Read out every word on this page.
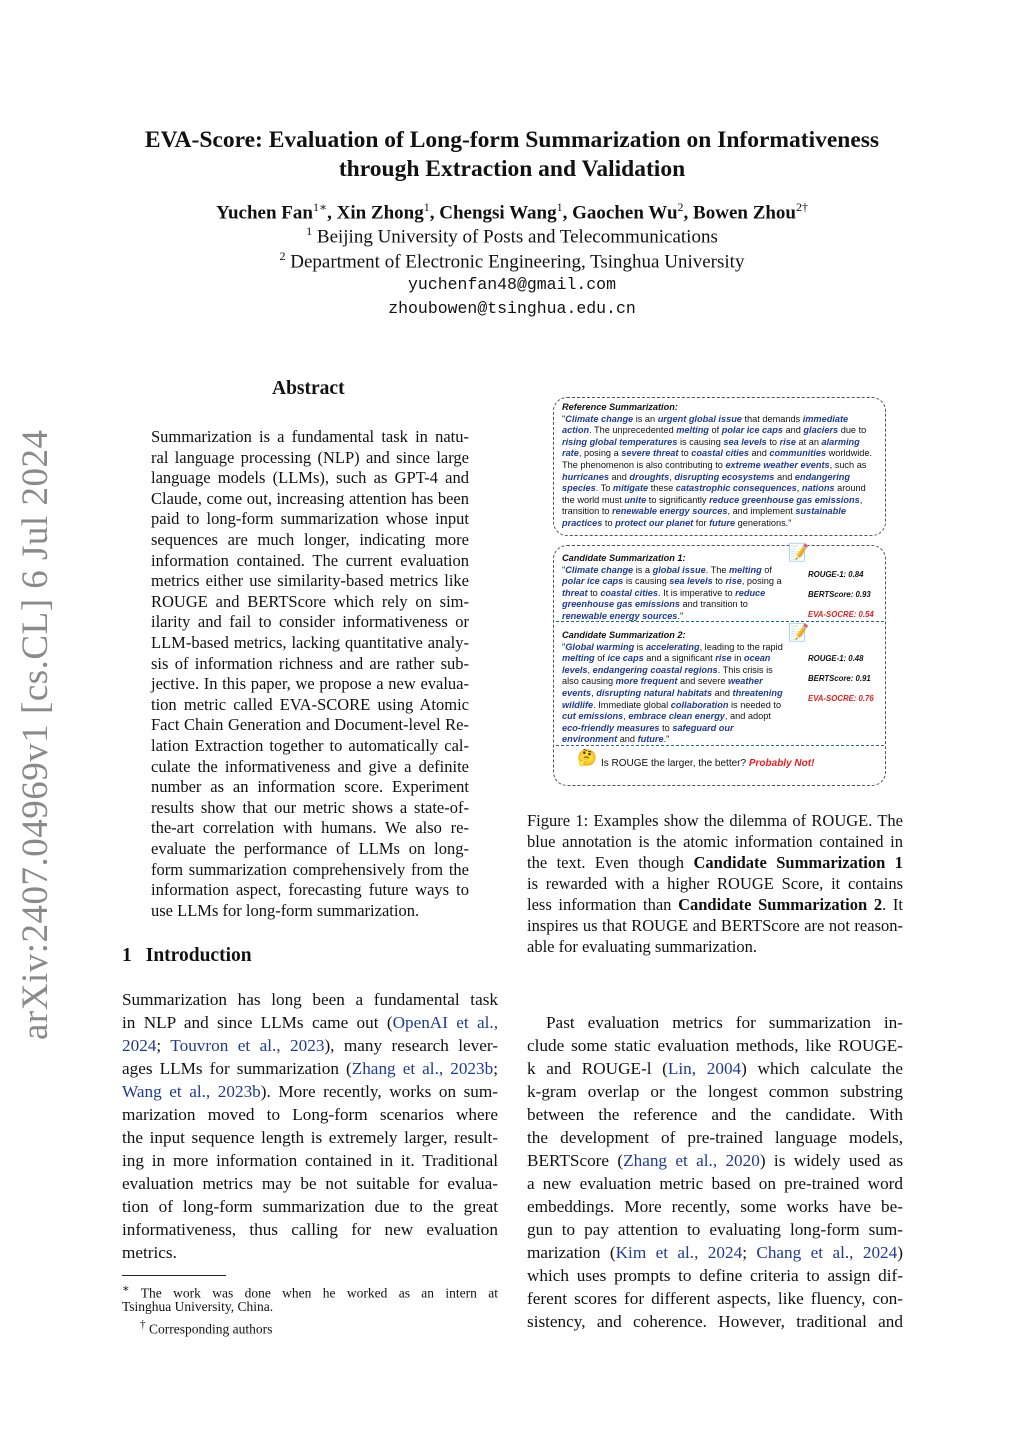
arXiv:2407.04969v1 [cs.CL] 6 Jul 2024
EVA-Score: Evaluation of Long-form Summarization on Informativeness
through Extraction and Validation
Yuchen Fan$^{1∗}$, Xin Zhong$^1$, Chengsi Wang$^1$, Gaochen Wu$^2$, Bowen Zhou$^{2\dagger}$
$^1$ Beijing University of Posts and Telecommunications
$^2$ Department of Electronic Engineering, Tsinghua University
yuchenfan48@gmail.com
zhoubowen@tsinghua.edu.cn
Abstract
Summarization is a fundamental task in natu-
ral language processing (NLP) and since large
language models (LLMs), such as GPT-4 and
Claude, come out, increasing attention has been
paid to long-form summarization whose input
sequences are much longer, indicating more
information contained. The current evaluation
metrics either use similarity-based metrics like
ROUGE and BERTScore which rely on sim-
ilarity and fail to consider informativeness or
LLM-based metrics, lacking quantitative analy-
sis of information richness and are rather sub-
jective. In this paper, we propose a new evalua-
tion metric called EVA-SCORE using Atomic
Fact Chain Generation and Document-level Re-
lation Extraction together to automatically cal-
culate the informativeness and give a definite
number as an information score. Experiment
results show that our metric shows a state-of-
the-art correlation with humans. We also re-
evaluate the performance of LLMs on long-
form summarization comprehensively from the
information aspect, forecasting future ways to
use LLMs for long-form summarization.
1 Introduction
Summarization has long been a fundamental task
in NLP and since LLMs came out (OpenAI et al.,
2024; Touvron et al., 2023), many research lever-
ages LLMs for summarization (Zhang et al., 2023b;
Wang et al., 2023b). More recently, works on sum-
marization moved to Long-form scenarios where
the input sequence length is extremely larger, result-
ing in more information contained in it. Traditional
evaluation metrics may be not suitable for evalua-
tion of long-form summarization due to the great
informativeness, thus calling for new evaluation
metrics.
∗ The work was done when he worked as an intern at
Tsinghua University, China.
† Corresponding authors
Reference Summarization:
"Climate change is an urgent global issue that demands immediate action. The unprecedented melting of polar ice caps and glaciers due to rising global temperatures is causing sea levels to rise at an alarming rate, posing a severe threat to coastal cities and communities worldwide. The phenomenon is also contributing to extreme weather events, such as hurricanes and droughts, disrupting ecosystems and endangering species. To mitigate these catastrophic consequences, nations around the world must unite to significantly reduce greenhouse gas emissions, transition to renewable energy sources, and implement sustainable practices to protect our planet for future generations."
Candidate Summarization 1:
"Climate change is a global issue. The melting of polar ice caps is causing sea levels to rise, posing a threat to coastal cities. It is imperative to reduce greenhouse gas emissions and transition to renewable energy sources."
📝
ROUGE-1: 0.84
BERTScore: 0.93
EVA-SOCRE: 0.54
Candidate Summarization 2:
"Global warming is accelerating, leading to the rapid melting of ice caps and a significant rise in ocean levels, endangering coastal regions. This crisis is also causing more frequent and severe weather events, disrupting natural habitats and threatening wildlife. Immediate global collaboration is needed to cut emissions, embrace clean energy, and adopt eco-friendly measures to safeguard our environment and future."
📝
ROUGE-1: 0.48
BERTScore: 0.91
EVA-SOCRE: 0.76
🤔 Is ROUGE the larger, the better? Probably Not!
Figure 1: Examples show the dilemma of ROUGE. The
blue annotation is the atomic information contained in
the text. Even though Candidate Summarization 1
is rewarded with a higher ROUGE Score, it contains
less information than Candidate Summarization 2. It
inspires us that ROUGE and BERTScore are not reason-
able for evaluating summarization.
Past evaluation metrics for summarization in-
clude some static evaluation methods, like ROUGE-
k and ROUGE-l (Lin, 2004) which calculate the
k-gram overlap or the longest common substring
between the reference and the candidate. With
the development of pre-trained language models,
BERTScore (Zhang et al., 2020) is widely used as
a new evaluation metric based on pre-trained word
embeddings. More recently, some works have be-
gun to pay attention to evaluating long-form sum-
marization (Kim et al., 2024; Chang et al., 2024)
which uses prompts to define criteria to assign dif-
ferent scores for different aspects, like fluency, con-
sistency, and coherence. However, traditional and
